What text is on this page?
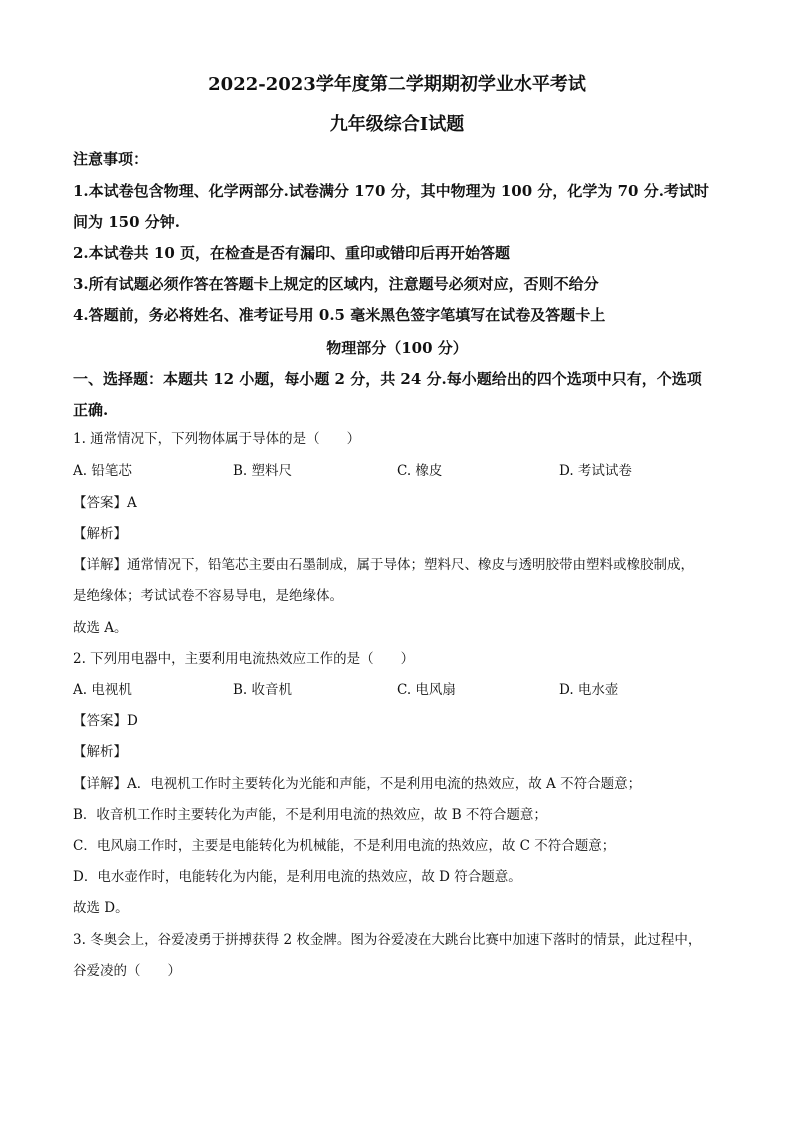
2022-2023学年度第二学期期初学业水平考试
九年级综合Ⅰ试题
注意事项：
1.本试卷包含物理、化学两部分.试卷满分 170 分，其中物理为 100 分，化学为 70 分.考试时
间为 150 分钟.
2.本试卷共 10 页，在检查是否有漏印、重印或错印后再开始答题
3.所有试题必须作答在答题卡上规定的区域内，注意题号必须对应，否则不给分
4.答题前，务必将姓名、准考证号用 0.5 毫米黑色签字笔填写在试卷及答题卡上
物理部分（100 分）
一、选择题：本题共 12 小题，每小题 2 分，共 24 分.每小题给出的四个选项中只有，个选项
正确.
1. 通常情况下，下列物体属于导体的是（　　）
A. 铅笔芯	B. 塑料尺	C. 橡皮	D. 考试试卷
【答案】A
【解析】
【详解】通常情况下，铅笔芯主要由石墨制成，属于导体；塑料尺、橡皮与透明胶带由塑料或橡胶制成，
是绝缘体；考试试卷不容易导电，是绝缘体。
故选 A。
2. 下列用电器中，主要利用电流热效应工作的是（　　）
A. 电视机	B. 收音机	C. 电风扇	D. 电水壶
【答案】D
【解析】
【详解】A．电视机工作时主要转化为光能和声能，不是利用电流的热效应，故 A 不符合题意；
B．收音机工作时主要转化为声能，不是利用电流的热效应，故 B 不符合题意；
C．电风扇工作时，主要是电能转化为机械能，不是利用电流的热效应，故 C 不符合题意；
D．电水壶作时，电能转化为内能，是利用电流的热效应，故 D 符合题意。
故选 D。
3. 冬奥会上，谷爱凌勇于拼搏获得 2 枚金牌。图为谷爱凌在大跳台比赛中加速下落时的情景，此过程中，
谷爱凌的（　　）
